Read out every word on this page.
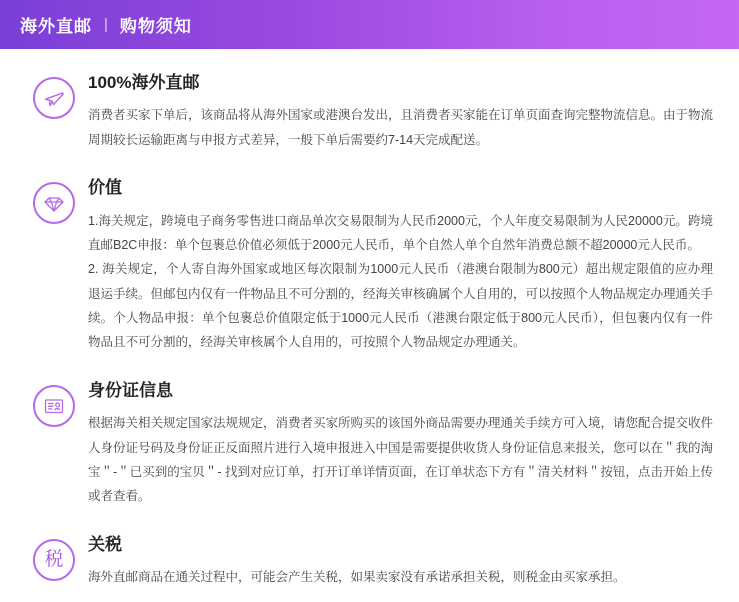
海外直邮 | 购物须知
100%海外直邮

消费者买家下单后，该商品将从海外国家或港澳台发出，且消费者买家能在订单页面查询完整物流信息。由于物流周期较长运输距离与申报方式差异，一般下单后需要约7-14天完成配送。

价值

1.海关规定，跨境电子商务零售进口商品单次交易限制为人民币2000元，个人年度交易限制为人民20000元。跨境直邮B2C申报：单个包裹总价值必须低于2000元人民币，单个自然人单个自然年消费总额不超20000元人民币。

2. 海关规定，个人寄自海外国家或地区每次限制为1000元人民币（港澳台限制为800元）超出规定限值的应办理退运手续。但邮包内仅有一件物品且不可分割的，经海关审核确属个人自用的，可以按照个人物品规定办理通关手续。个人物品申报：单个包裹总价值限定低于1000元人民币（港澳台限定低于800元人民币），但包裹内仅有一件物品且不可分割的，经海关审核属个人自用的，可按照个人物品规定办理通关。

身份证信息

根据海关相关规定国家法规规定，消费者买家所购买的该国外商品需要办理通关手续方可入境，请您配合提交收件人身份证号码及身份证正反面照片进行入境申报进入中国是需要提供收货人身份证信息来报关，您可以在＂我的淘宝＂-＂已买到的宝贝＂- 找到对应订单，打开订单详情页面，在订单状态下方有＂清关材料＂按钮，点击开始上传或者查看。

税
关税

海外直邮商品在通关过程中，可能会产生关税，如果卖家没有承诺承担关税，则税金由买家承担。
